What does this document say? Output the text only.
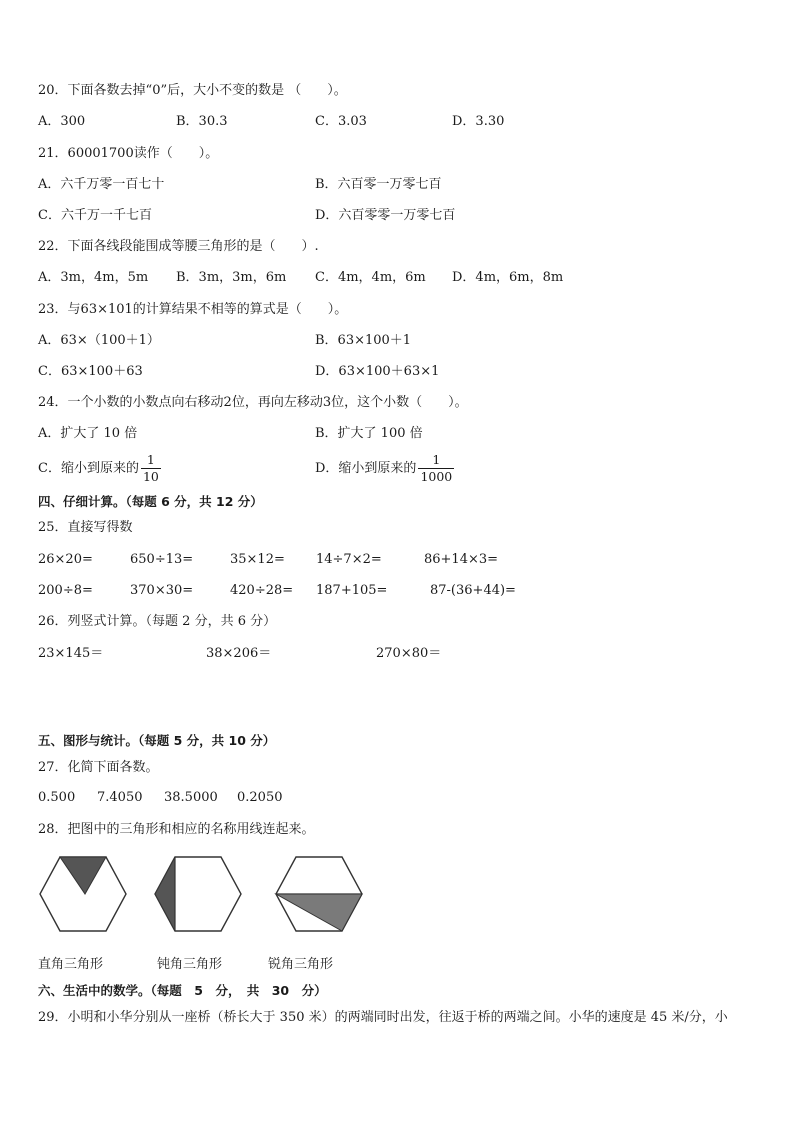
20．下面各数去掉“0”后，大小不变的数是 （　　）。
A．300	B．30.3	C．3.03	D．3.30
21．60001700读作（　　）。
A．六千万零一百七十	B．六百零一万零七百
C．六千万一千七百	D．六百零零一万零七百
22．下面各线段能围成等腰三角形的是（　　）.
A．3m，4m，5m B．3m，3m，6m C．4m，4m，6m D．4m，6m，8m
23．与63×101的计算结果不相等的算式是（　　）。
A．63×（100＋1）	B．63×100＋1
C．63×100＋63	D．63×100＋63×1
24．一个小数的小数点向右移动2位，再向左移动3位，这个小数（　　）。
A．扩大了 10 倍	B．扩大了 100 倍
C．缩小到原来的 $\frac{1}{10}$	D．缩小到原来的 $\frac{1}{1000}$
四、仔细计算。（每题 6 分，共 12 分）
25．直接写得数
26×20=	650÷13=	35×12= 14÷7×2=	86+14×3=
200÷8=	370×30=	420÷28= 187+105=	87-(36+44)=
26．列竖式计算。（每题 2 分，共 6 分）
23×145＝	38×206＝	270×80＝
五、图形与统计。（每题 5 分，共 10 分）
27．化简下面各数。
0.500 7.4050 38.5000 0.2050
28．把图中的三角形和相应的名称用线连起来。
直角三角形	钝角三角形	锐角三角形
六、生活中的数学。（每题　5　分，　共　30　分）
29．小明和小华分别从一座桥（桥长大于 350 米）的两端同时出发，往返于桥的两端之间。小华的速度是 45 米/分，小
